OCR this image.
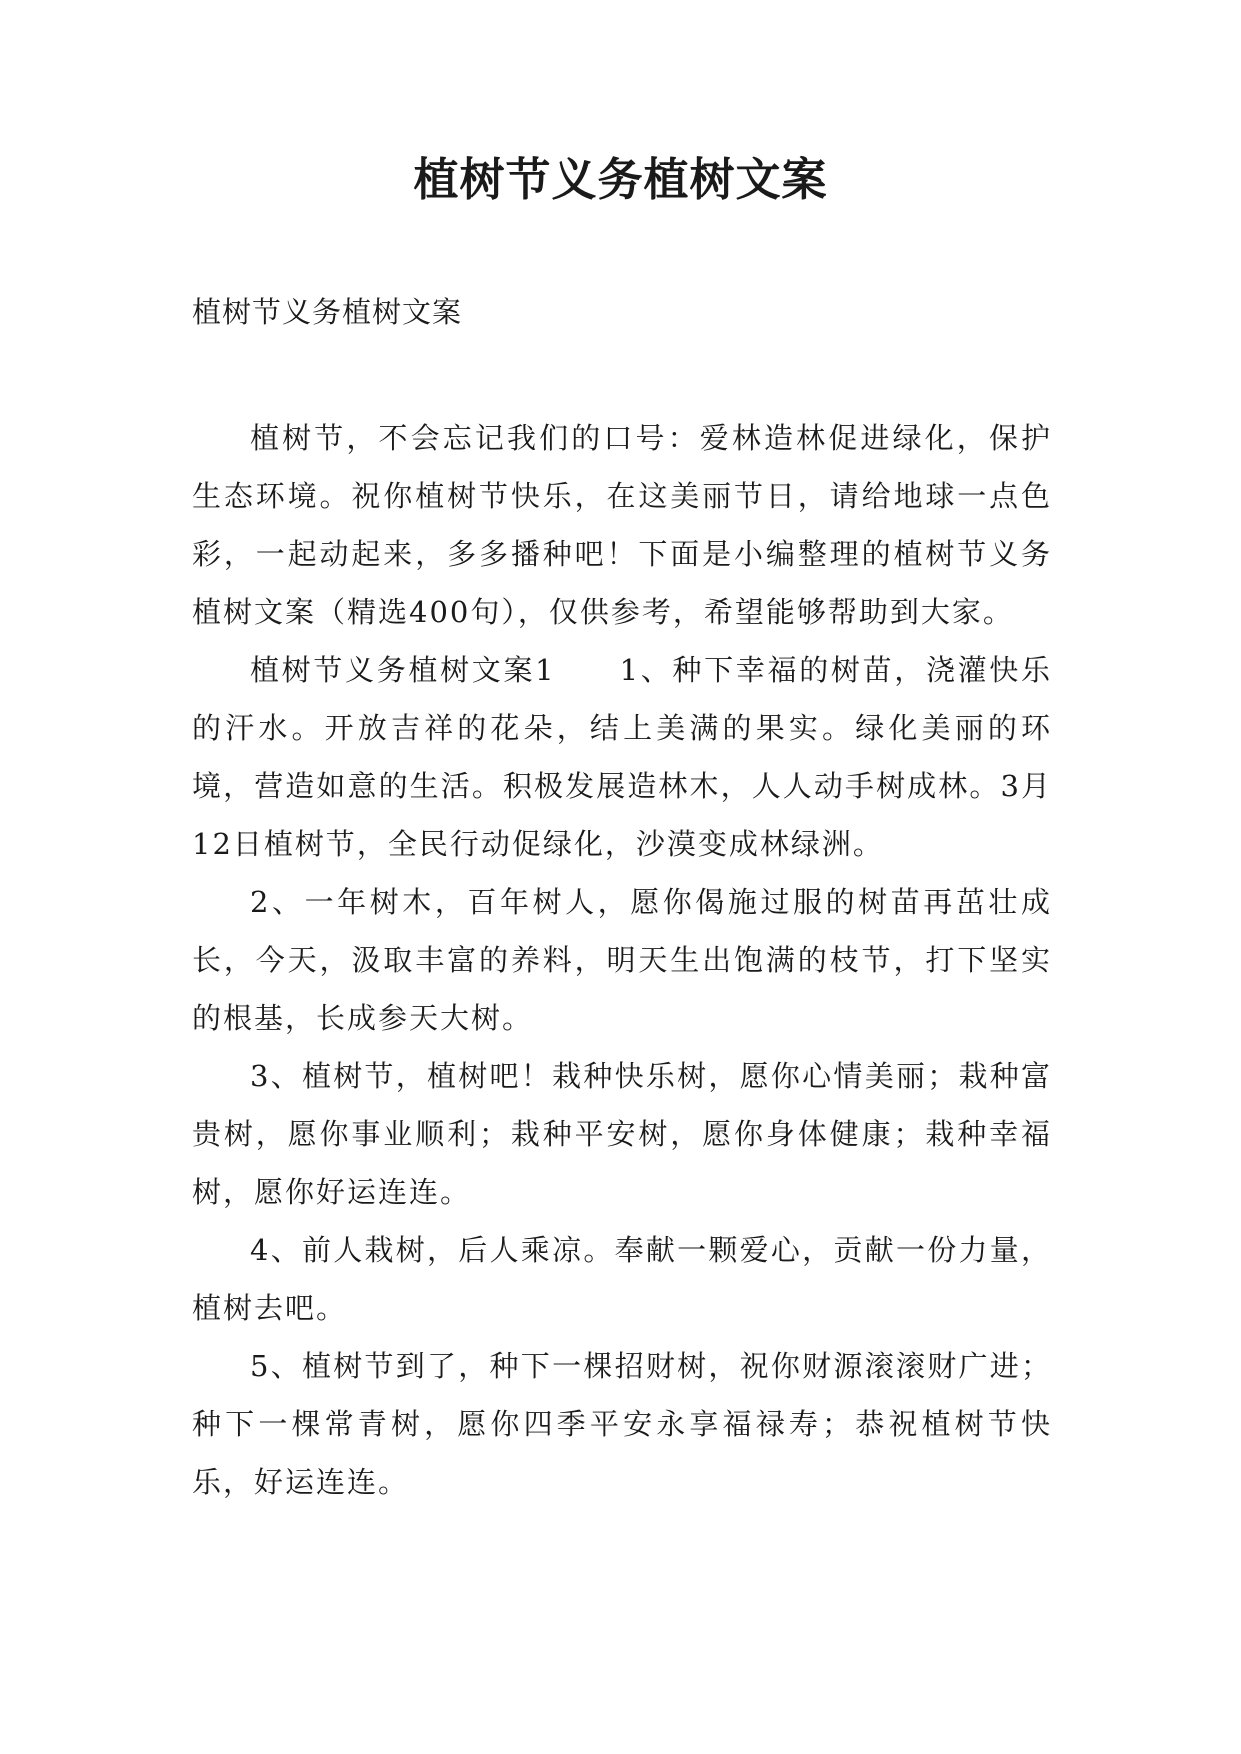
植树节义务植树文案

植树节义务植树文案

植树节，不会忘记我们的口号：爱林造林促进绿化，保护生态环境。祝你植树节快乐，在这美丽节日，请给地球一点色彩，一起动起来，多多播种吧！下面是小编整理的植树节义务植树文案（精选400句），仅供参考，希望能够帮助到大家。

植树节义务植树文案1　　1、种下幸福的树苗，浇灌快乐的汗水。开放吉祥的花朵，结上美满的果实。绿化美丽的环境，营造如意的生活。积极发展造林木，人人动手树成林。3月12日植树节，全民行动促绿化，沙漠变成林绿洲。

2、一年树木，百年树人，愿你偈施过服的树苗再茁壮成长，今天，汲取丰富的养料，明天生出饱满的枝节，打下坚实的根基，长成参天大树。

3、植树节，植树吧！栽种快乐树，愿你心情美丽；栽种富贵树，愿你事业顺利；栽种平安树，愿你身体健康；栽种幸福树，愿你好运连连。

4、前人栽树，后人乘凉。奉献一颗爱心，贡献一份力量，植树去吧。

5、植树节到了，种下一棵招财树，祝你财源滚滚财广进；种下一棵常青树，愿你四季平安永享福禄寿；恭祝植树节快乐，好运连连。
